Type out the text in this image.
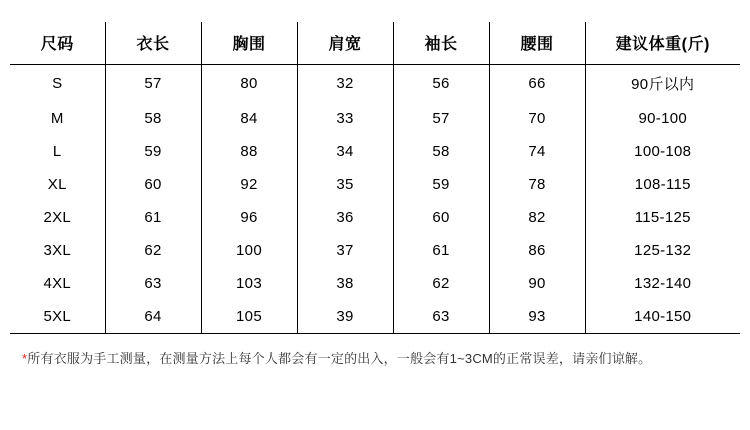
尺码	衣长	胸围	肩宽	袖长	腰围	建议体重(斤)
S	57	80	32	56	66	90斤以内
M	58	84	33	57	70	90-100
L	59	88	34	58	74	100-108
XL	60	92	35	59	78	108-115
2XL	61	96	36	60	82	115-125
3XL	62	100	37	61	86	125-132
4XL	63	103	38	62	90	132-140
5XL	64	105	39	63	93	140-150
*所有衣服为手工测量，在测量方法上每个人都会有一定的出入，一般会有1~3CM的正常误差，请亲们谅解。
